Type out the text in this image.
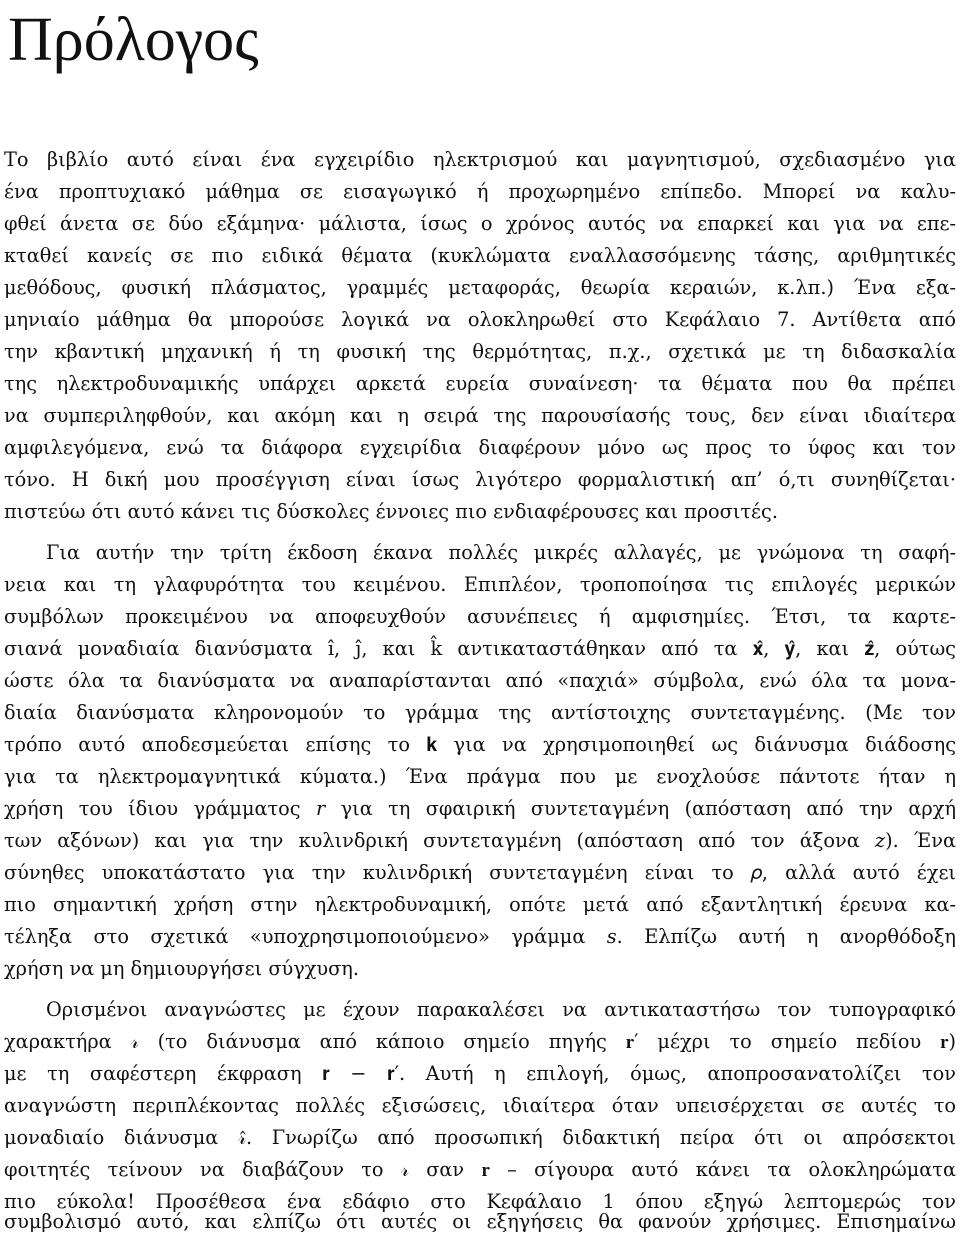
Πρόλογος

Το βιβλίο αυτό είναι ένα εγχειρίδιο ηλεκτρισμού και μαγνητισμού, σχεδιασμένο για

ένα προπτυχιακό μάθημα σε εισαγωγικό ή προχωρημένο επίπεδο. Μπορεί να καλυ-

φθεί άνετα σε δύο εξάμηνα· μάλιστα, ίσως ο χρόνος αυτός να επαρκεί και για να επε-

κταθεί κανείς σε πιο ειδικά θέματα (κυκλώματα εναλλασσόμενης τάσης, αριθμητικές

μεθόδους, φυσική πλάσματος, γραμμές μεταφοράς, θεωρία κεραιών, κ.λπ.) Ένα εξα-

μηνιαίο μάθημα θα μπορούσε λογικά να ολοκληρωθεί στο Κεφάλαιο 7. Αντίθετα από

την κβαντική μηχανική ή τη φυσική της θερμότητας, π.χ., σχετικά με τη διδασκαλία

της ηλεκτροδυναμικής υπάρχει αρκετά ευρεία συναίνεση· τα θέματα που θα πρέπει

να συμπεριληφθούν, και ακόμη και η σειρά της παρουσίασής τους, δεν είναι ιδιαίτερα

αμφιλεγόμενα, ενώ τα διάφορα εγχειρίδια διαφέρουν μόνο ως προς το ύφος και τον

τόνο. Η δική μου προσέγγιση είναι ίσως λιγότερο φορμαλιστική απ’ ό,τι συνηθίζεται·

πιστεύω ότι αυτό κάνει τις δύσκολες έννοιες πιο ενδιαφέρουσες και προσιτές.

Για αυτήν την τρίτη έκδοση έκανα πολλές μικρές αλλαγές, με γνώμονα τη σαφή-

νεια και τη γλαφυρότητα του κειμένου. Επιπλέον, τροποποίησα τις επιλογές μερικών

συμβόλων προκειμένου να αποφευχθούν ασυνέπειες ή αμφισημίες. Έτσι, τα καρτε-

σιανά μοναδιαία διανύσματα ı̂, ȷ̂, και k̂ αντικαταστάθηκαν από τα 𝐱̂, 𝐲̂, και 𝐳̂, ούτως

ώστε όλα τα διανύσματα να αναπαρίστανται από «παχιά» σύμβολα, ενώ όλα τα μονα-

διαία διανύσματα κληρονομούν το γράμμα της αντίστοιχης συντεταγμένης. (Με τον

τρόπο αυτό αποδεσμεύεται επίσης το 𝐤 για να χρησιμοποιηθεί ως διάνυσμα διάδοσης

για τα ηλεκτρομαγνητικά κύματα.) Ένα πράγμα που με ενοχλούσε πάντοτε ήταν η

χρήση του ίδιου γράμματος 𝑟 για τη σφαιρική συντεταγμένη (απόσταση από την αρχή

των αξόνων) και για την κυλινδρική συντεταγμένη (απόσταση από τον άξονα 𝑧). Ένα

σύνηθες υποκατάστατο για την κυλινδρική συντεταγμένη είναι το 𝜌, αλλά αυτό έχει

πιο σημαντική χρήση στην ηλεκτροδυναμική, οπότε μετά από εξαντλητική έρευνα κα-

τέληξα στο σχετικά «υποχρησιμοποιούμενο» γράμμα 𝑠. Ελπίζω αυτή η ανορθόδοξη

χρήση να μη δημιουργήσει σύγχυση.

Ορισμένοι αναγνώστες με έχουν παρακαλέσει να αντικαταστήσω τον τυπογραφικό

χαρακτήρα 𝓇 (το διάνυσμα από κάποιο σημείο πηγής 𝐫′ μέχρι το σημείο πεδίου 𝐫)

με τη σαφέστερη έκφραση 𝐫 − 𝐫′. Αυτή η επιλογή, όμως, αποπροσανατολίζει τον

αναγνώστη περιπλέκοντας πολλές εξισώσεις, ιδιαίτερα όταν υπεισέρχεται σε αυτές το

μοναδιαίο διάνυσμα 𝓇̂. Γνωρίζω από προσωπική διδακτική πείρα ότι οι απρόσεκτοι

φοιτητές τείνουν να διαβάζουν το 𝓇 σαν 𝐫 – σίγουρα αυτό κάνει τα ολοκληρώματα

πιο εύκολα! Προσέθεσα ένα εδάφιο στο Κεφάλαιο 1 όπου εξηγώ λεπτομερώς τον

συμβολισμό αυτό, και ελπίζω ότι αυτές οι εξηγήσεις θα φανούν χρήσιμες. Επισημαίνω
